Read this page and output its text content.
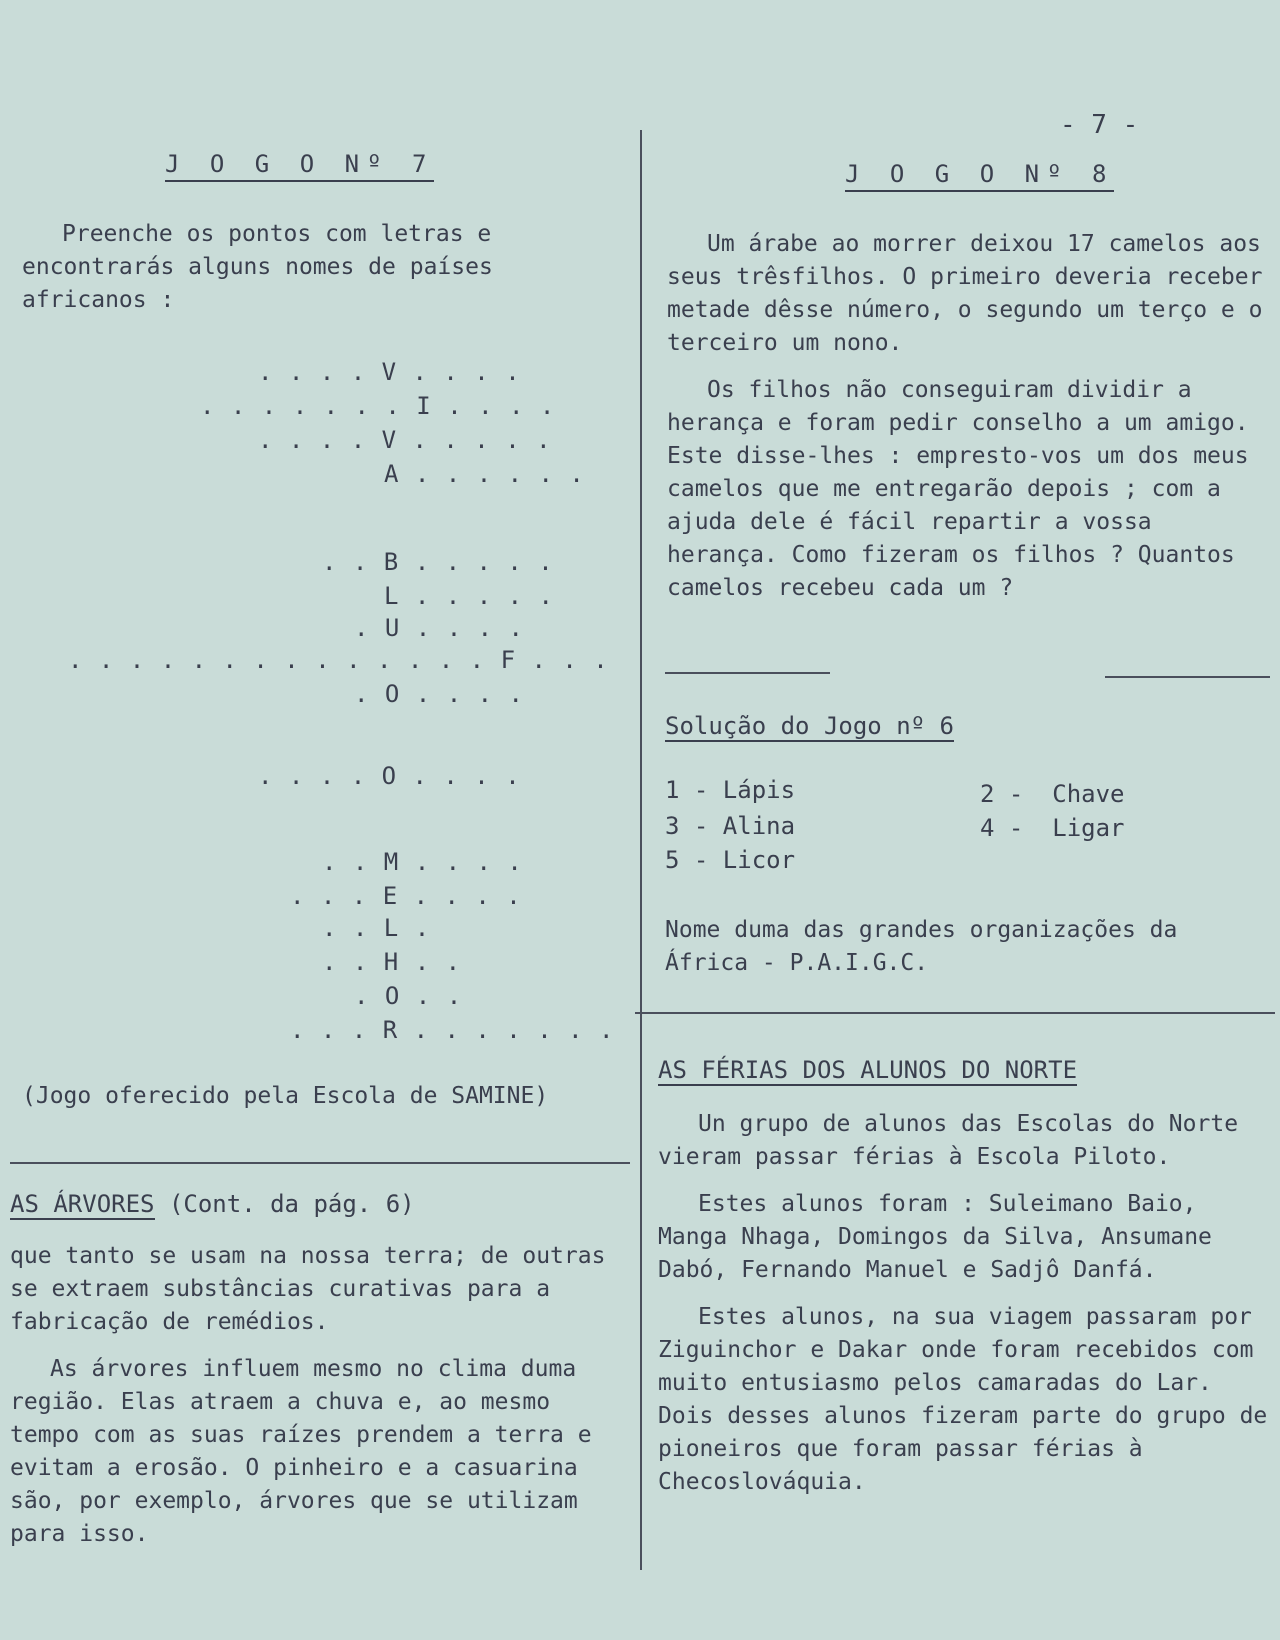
- 7 -
J O G O Nº 7

Preenche os pontos com letras e encontrarás alguns nomes de países africanos :

. . . . V . . . .
. . . . . . . I . . . .
. . . . V . . . . .
A . . . . . .
. . B . . . . .
L . . . . .
. U . . . .
. . . . . . . . . . . . . . F . . .
. O . . . .
. . . . O . . . .
. . M . . . .
. . . E . . . .
. . L .
. . H . .
. O . .
. . . R . . . . . . .

(Jogo oferecido pela Escola de SAMINE)

AS ÁRVORES (Cont. da pág. 6)

que tanto se usam na nossa terra; de outras se extraem substâncias curativas para a fabricação de remédios.

As árvores influem mesmo no clima duma região. Elas atraem a chuva e, ao mesmo tempo com as suas raízes prendem a terra e evitam a erosão. O pinheiro e a casuarina são, por exemplo, árvores que se utilizam para isso.

J O G O Nº 8

Um árabe ao morrer deixou 17 camelos aos seus trêsfilhos. O primeiro deveria receber metade dêsse número, o segundo um terço e o terceiro um nono.

Os filhos não conseguiram dividir a herança e foram pedir conselho a um amigo. Este disse-lhes : empresto-vos um dos meus camelos que me entregarão depois ; com a ajuda dele é fácil repartir a vossa herança. Como fizeram os filhos ? Quantos camelos recebeu cada um ?

Solução do Jogo nº 6
1 - Lápis	2 -  Chave
3 - Alina	4 -  Ligar
5 - Licor

Nome duma das grandes organizações da África - P.A.I.G.C.

AS FÉRIAS DOS ALUNOS DO NORTE

Un grupo de alunos das Escolas do Norte vieram passar férias à Escola Piloto.

Estes alunos foram : Suleimano Baio, Manga Nhaga, Domingos da Silva, Ansumane Dabó, Fernando Manuel e Sadjô Danfá.

Estes alunos, na sua viagem passaram por Ziguinchor e Dakar onde foram recebidos com muito entusiasmo pelos camaradas do Lar. Dois desses alunos fizeram parte do grupo de pioneiros que foram passar férias à Checoslováquia.
